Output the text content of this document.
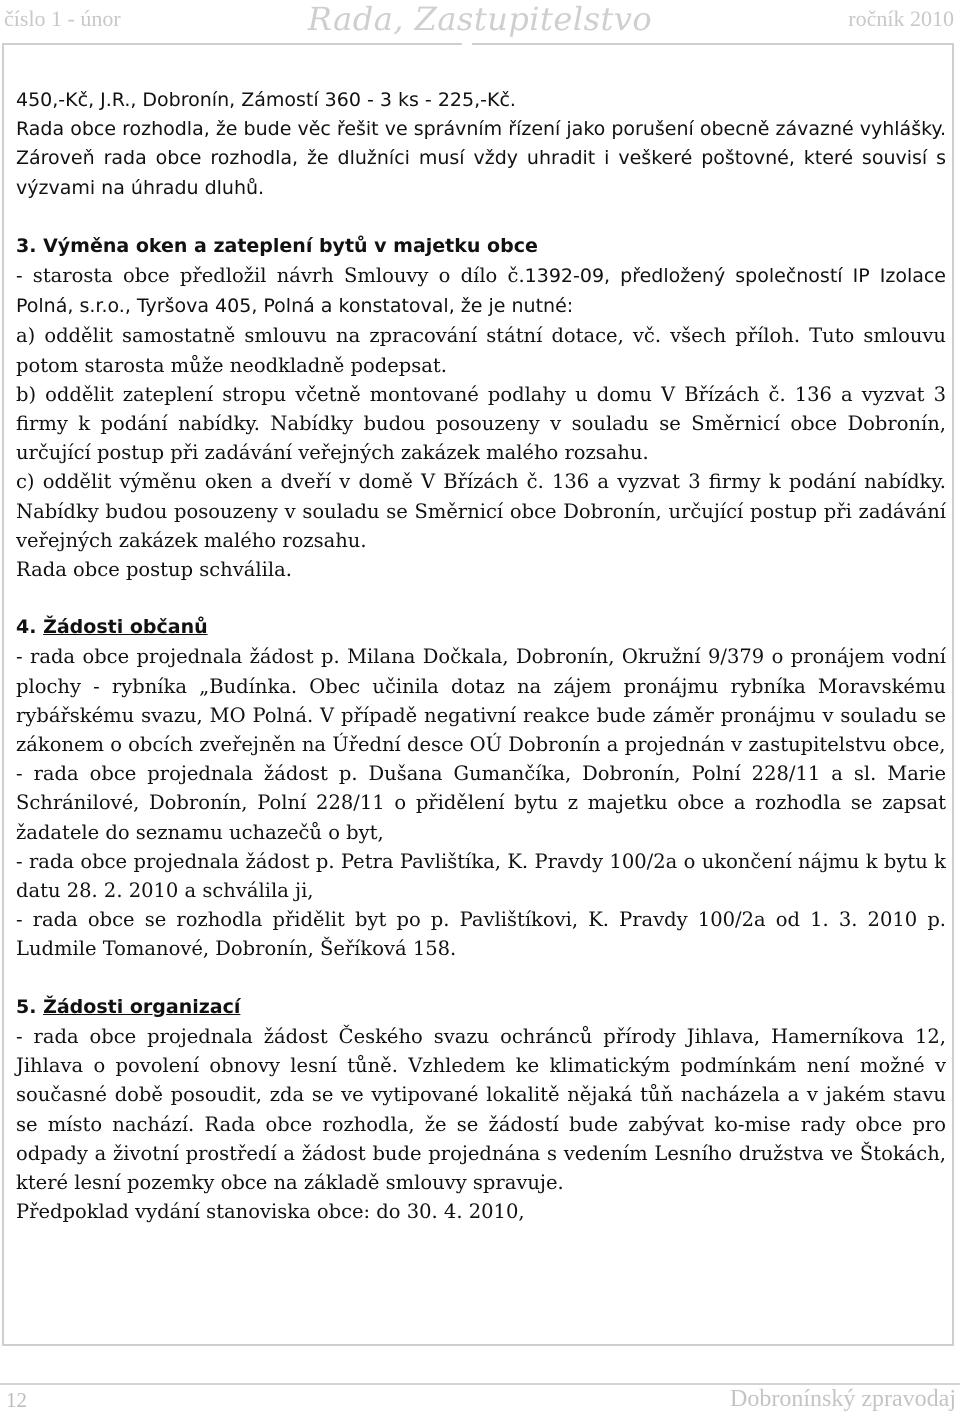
číslo 1 - únor	Rada, Zastupitelstvo	ročník 2010

450,-Kč, J.R., Dobronín, Zámostí 360 - 3 ks - 225,-Kč.

Rada obce rozhodla, že bude věc řešit ve správním řízení jako porušení obecně závazné vyhlášky. Zároveň rada obce rozhodla, že dlužníci musí vždy uhradit i veškeré poštovné, které souvisí s výzvami na úhradu dluhů.

3. Výměna oken a zateplení bytů v majetku obce

- starosta obce předložil návrh Smlouvy o dílo č.1392-09, předložený společností IP Izolace Polná, s.r.o., Tyršova 405, Polná a konstatoval, že je nutné:

a) oddělit samostatně smlouvu na zpracování státní dotace, vč. všech příloh. Tuto smlouvu potom starosta může neodkladně podepsat.

b) oddělit zateplení stropu včetně montované podlahy u domu V Břízách č. 136 a vyzvat 3 firmy k podání nabídky. Nabídky budou posouzeny v souladu se Směrnicí obce Dobronín, určující postup při zadávání veřejných zakázek malého rozsahu.

c) oddělit výměnu oken a dveří v domě V Břízách č. 136 a vyzvat 3 firmy k podání nabídky. Nabídky budou posouzeny v souladu se Směrnicí obce Dobronín, určující postup při zadávání veřejných zakázek malého rozsahu.

Rada obce postup schválila.

4. Žádosti občanů

- rada obce projednala žádost p. Milana Dočkala, Dobronín, Okružní 9/379 o pronájem vodní plochy - rybníka „Budínka. Obec učinila dotaz na zájem pronájmu rybníka Moravskému rybářskému svazu, MO Polná. V případě negativní reakce bude záměr pronájmu v souladu se zákonem o obcích zveřejněn na Úřední desce OÚ Dobronín a projednán v zastupitelstvu obce,

- rada obce projednala žádost p. Dušana Gumančíka, Dobronín, Polní 228/11 a sl. Marie Schránilové, Dobronín, Polní 228/11 o přidělení bytu z majetku obce a rozhodla se zapsat žadatele do seznamu uchazečů o byt,

- rada obce projednala žádost p. Petra Pavlištíka, K. Pravdy 100/2a o ukončení nájmu k bytu k datu 28. 2. 2010 a schválila ji,

- rada obce se rozhodla přidělit byt po p. Pavlištíkovi, K. Pravdy 100/2a od 1. 3. 2010 p. Ludmile Tomanové, Dobronín, Šeříková 158.

5. Žádosti organizací

- rada obce projednala žádost Českého svazu ochránců přírody Jihlava, Hamerníkova 12, Jihlava o povolení obnovy lesní tůně. Vzhledem ke klimatickým podmínkám není možné v současné době posoudit, zda se ve vytipované lokalitě nějaká tůň nacházela a v jakém stavu se místo nachází. Rada obce rozhodla, že se žádostí bude zabývat ko-mise rady obce pro odpady a životní prostředí a žádost bude projednána s vedením Lesního družstva ve Štokách, které lesní pozemky obce na základě smlouvy spravuje.

Předpoklad vydání stanoviska obce: do 30. 4. 2010,

12	Dobronínský zpravodaj
